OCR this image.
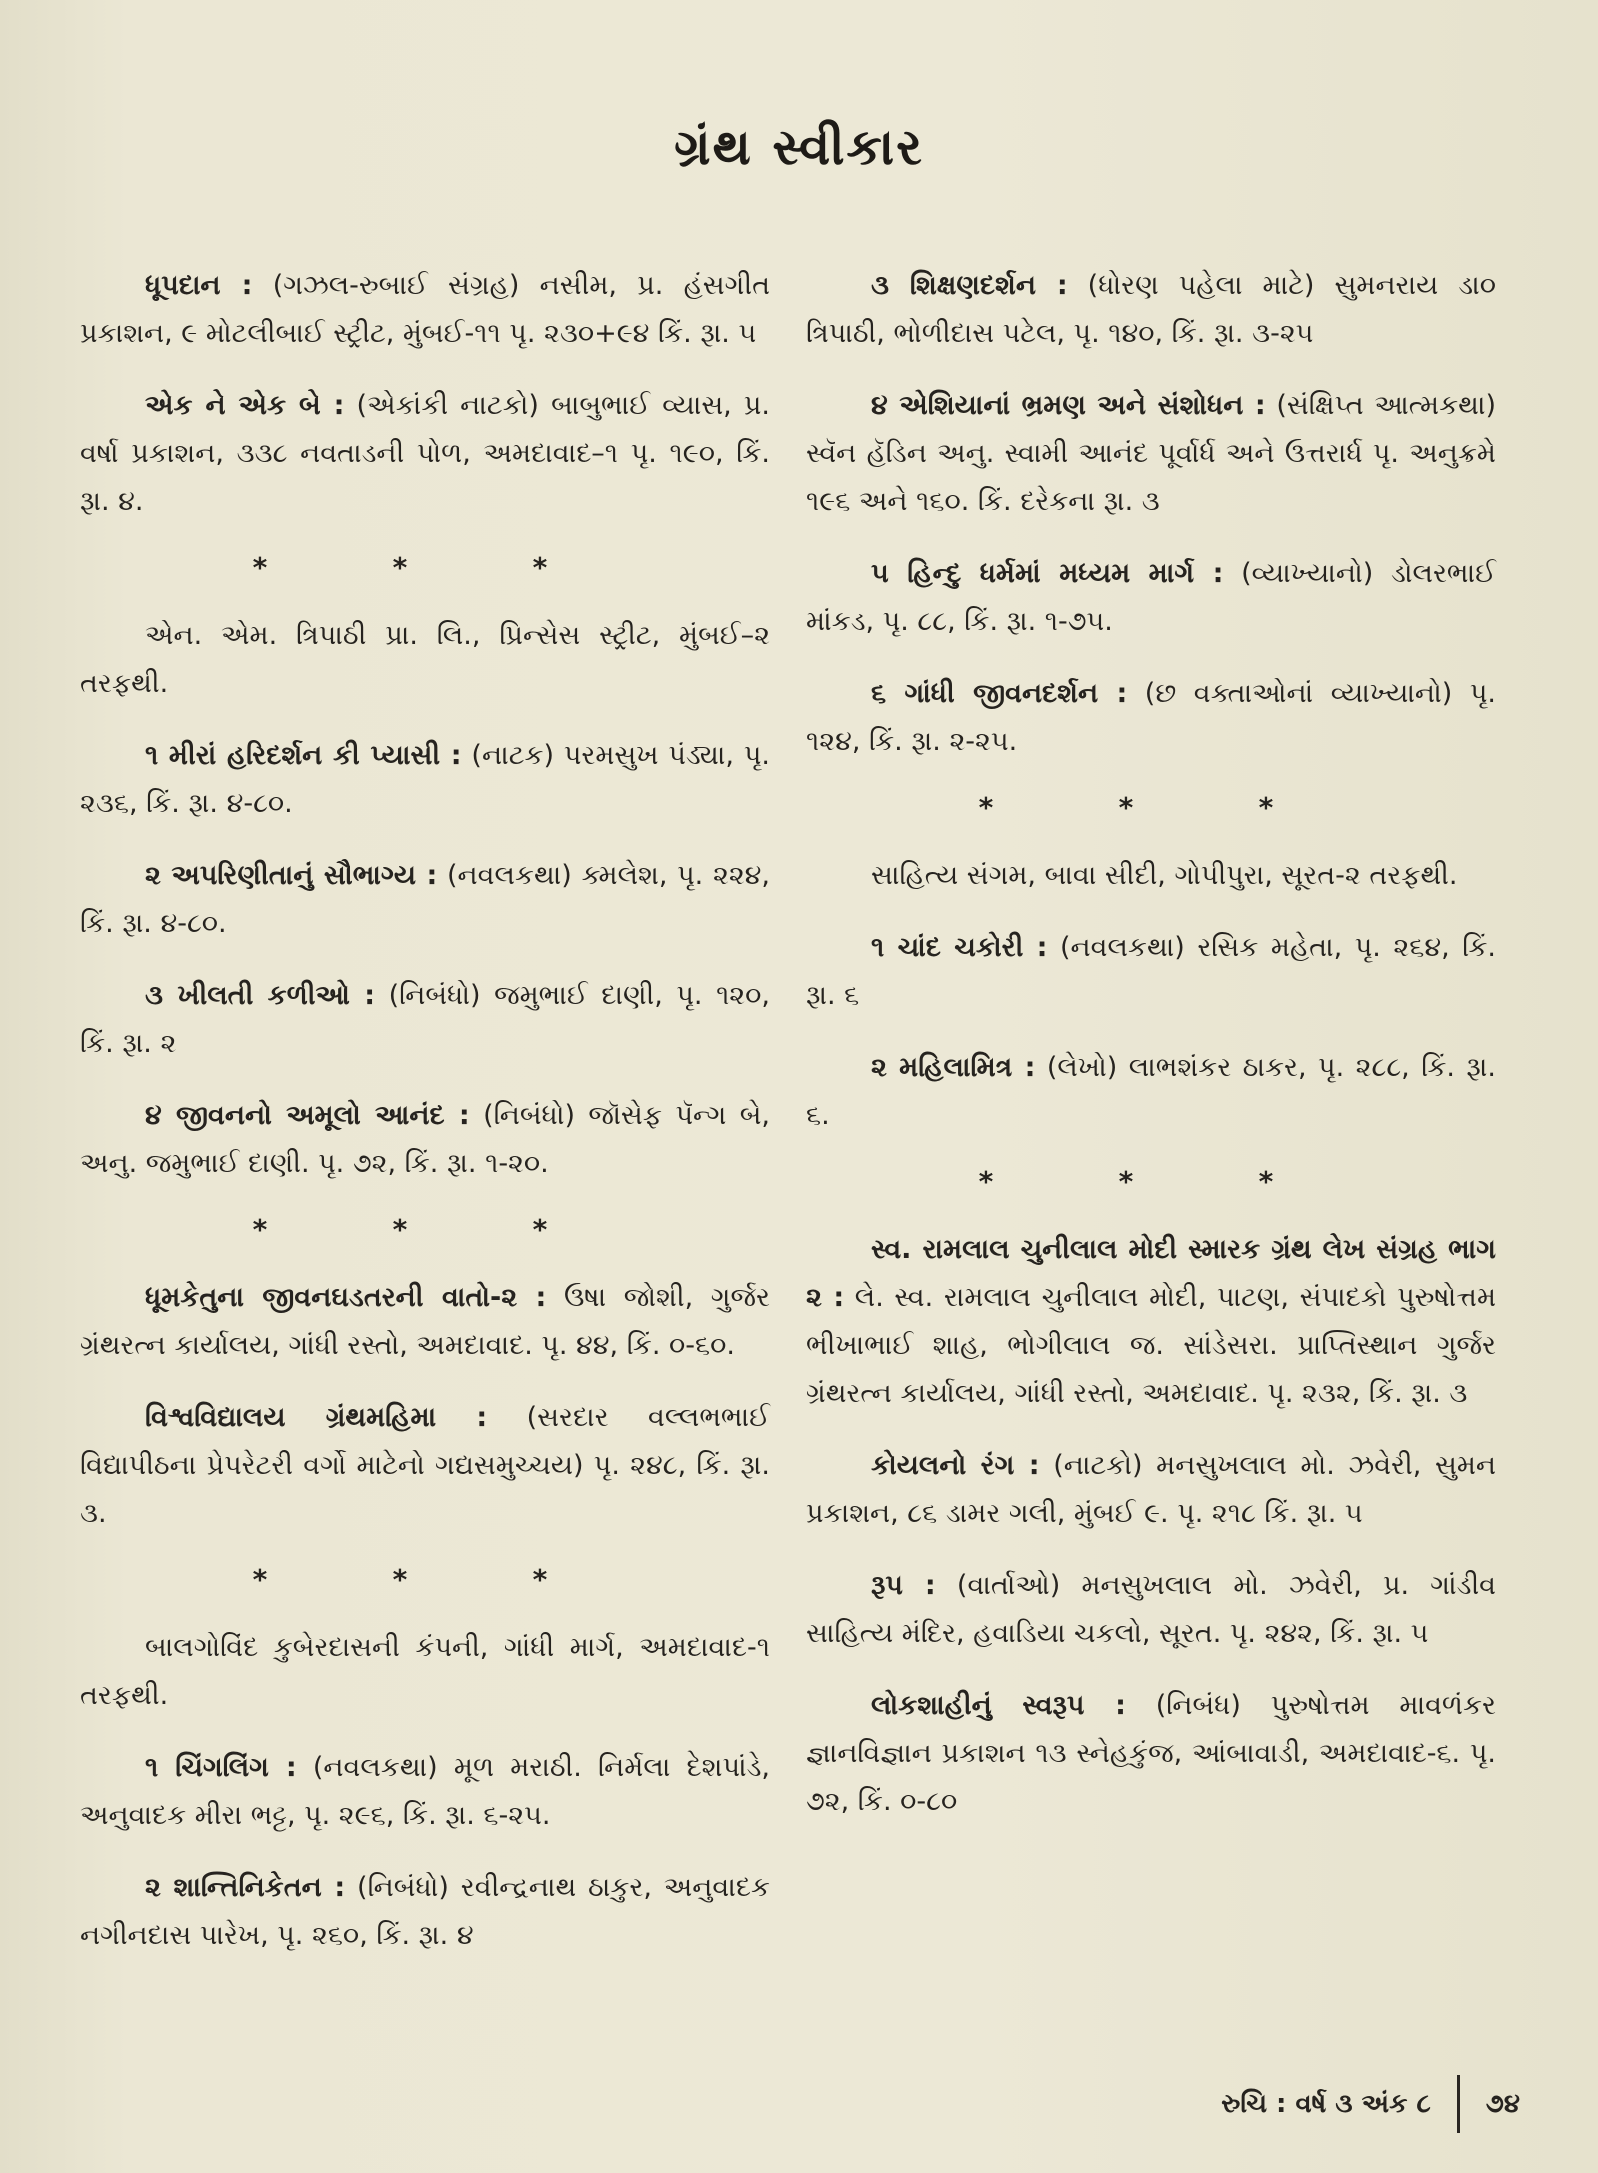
ગ્રંથ સ્વીકાર

ધૂપદાન : (ગઝલ-રુબાઈ સંગ્રહ) નસીમ, પ્ર. હંસગીત પ્રકાશન, ૯ મોટલીબાઈ સ્ટ્રીટ, મુંબઈ-૧૧ પૃ. ૨૩૦+૯૪ કિં. રૂા. ૫

એક ને એક બે : (એકાંકી નાટકો) બાબુભાઈ વ્યાસ, પ્ર. વર્ષા પ્રકાશન, ૩૩૮ નવતાડની પોળ, અમદાવાદ–૧ પૃ. ૧૯૦, કિં. રૂા. ૪.

*	*	*

એન. એમ. ત્રિપાઠી પ્રા. લિ., પ્રિન્સેસ સ્ટ્રીટ, મુંબઈ–૨ તરફથી.

૧ મીરાં હરિદર્શન કી પ્યાસી : (નાટક) પરમસુખ પંડ્યા, પૃ. ૨૩૬, કિં. રૂા. ૪-૮૦.

૨ અપરિણીતાનું સૌભાગ્ય : (નવલકથા) ક્મલેશ, પૃ. ૨૨૪, કિં. રૂા. ૪-૮૦.

૩ ખીલતી કળીઓ : (નિબંધો) જમુભાઈ દાણી, પૃ. ૧૨૦, કિં. રૂા. ૨

૪ જીવનનો અમૂલો આનંદ : (નિબંધો) જૉસેફ પૅન્ગ બે, અનુ. જમુભાઈ દાણી. પૃ. ૭૨, કિં. રૂા. ૧-૨૦.

*	*	*

ધૂમકેતુના જીવનઘડતરની વાતો-૨ : ઉષા જોશી, ગુર્જર ગ્રંથરત્ન કાર્યાલય, ગાંધી રસ્તો, અમદાવાદ. પૃ. ૪૪, કિં. ૦-૬૦.

વિશ્વવિદ્યાલય ગ્રંથમહિમા : (સરદાર વલ્લભભાઈ વિદ્યાપીઠના પ્રેપરેટરી વર્ગો માટેનો ગદ્યસમુચ્ચય) પૃ. ૨૪૮, કિં. રૂા. ૩.

*	*	*

બાલગોવિંદ કુબેરદાસની કંપની, ગાંધી માર્ગ, અમદાવાદ-૧ તરફથી.

૧ ચિંગલિંગ : (નવલકથા) મૂળ મરાઠી. નિર્મલા દેશપાંડે, અનુવાદક મીરા ભટ્ટ, પૃ. ૨૯૬, કિં. રૂા. ૬-૨૫.

૨ શાન્તિનિકેતન : (નિબંધો) રવીન્દ્રનાથ ઠાકુર, અનુવાદક નગીનદાસ પારેખ, પૃ. ૨૬૦, કિં. રૂા. ૪

૩ શિક્ષણદર્શન : (ધોરણ પહેલા માટે) સુમનરાય ડા૦ ત્રિપાઠી, ભોળીદાસ પટેલ, પૃ. ૧૪૦, કિં. રૂા. ૩-૨૫

૪ એશિયાનાં ભ્રમણ અને સંશોધન : (સંક્ષિપ્ત આત્મકથા) સ્વૅન હૅડિન અનુ. સ્વામી આનંદ પૂર્વાર્ધ અને ઉત્તરાર્ધ પૃ. અનુક્રમે ૧૯૬ અને ૧૬૦. કિં. દરેકના રૂા. ૩

૫ હિન્દુ ધર્મમાં મધ્યમ માર્ગ : (વ્યાખ્યાનો) ડોલરભાઈ માંકડ, પૃ. ૮૮, કિં. રૂા. ૧-૭૫.

૬ ગાંધી જીવનદર્શન : (છ વક્તાઓનાં વ્યાખ્યાનો) પૃ. ૧૨૪, કિં. રૂા. ૨-૨૫.

*	*	*

સાહિત્ય સંગમ, બાવા સીદી, ગોપીપુરા, સૂરત-૨ તરફથી.

૧ ચાંદ ચકોરી : (નવલકથા) રસિક મહેતા, પૃ. ૨૬૪, કિં. રૂા. ૬

૨ મહિલામિત્ર : (લેખો) લાભશંકર ઠાકર, પૃ. ૨૮૮, કિં. રૂા. ૬.

*	*	*

સ્વ. રામલાલ ચુનીલાલ મોદી સ્મારક ગ્રંથ લેખ સંગ્રહ ભાગ ૨ : લે. સ્વ. રામલાલ ચુનીલાલ મોદી, પાટણ, સંપાદકો પુરુષોત્તમ ભીખાભાઈ શાહ, ભોગીલાલ જ. સાંડેસરા. પ્રાપ્તિસ્થાન ગુર્જર ગ્રંથરત્ન કાર્યાલય, ગાંધી રસ્તો, અમદાવાદ. પૃ. ૨૩૨, કિં. રૂા. ૩

કોયલનો રંગ : (નાટકો) મનસુખલાલ મો. ઝવેરી, સુમન પ્રકાશન, ૮૬ ડામર ગલી, મુંબઈ ૯. પૃ. ૨૧૮ કિં. રૂા. ૫

રૂપ : (વાર્તાઓ) મનસુખલાલ મો. ઝવેરી, પ્ર. ગાંડીવ સાહિત્ય મંદિર, હવાડિયા ચકલો, સૂરત. પૃ. ૨૪૨, કિં. રૂા. ૫

લોકશાહીનું સ્વરૂપ : (નિબંધ) પુરુષોત્તમ માવળંકર જ્ઞાનવિજ્ઞાન પ્રકાશન ૧૩ સ્નેહકુંજ, આંબાવાડી, અમદાવાદ-૬. પૃ. ૭૨, કિં. ૦-૮૦

રુચિ : વર્ષ ૩ અંક ૮ ૭૪
